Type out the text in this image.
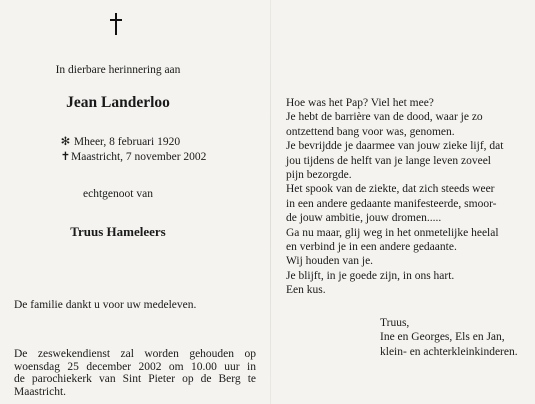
In dierbare herinnering aan
Jean Landerloo
✻ Mheer, 8 februari 1920
✝Maastricht, 7 november 2002
echtgenoot van
Truus Hameleers
De familie dankt u voor uw medeleven.
De zeswekendienst zal worden gehouden op
woensdag 25 december 2002 om 10.00 uur in
de parochiekerk van Sint Pieter op de Berg te
Maastricht.
Hoe was het Pap? Viel het mee?
Je hebt de barrière van de dood, waar je zo
ontzettend bang voor was, genomen.
Je bevrijdde je daarmee van jouw zieke lijf, dat
jou tijdens de helft van je lange leven zoveel
pijn bezorgde.
Het spook van de ziekte, dat zich steeds weer
in een andere gedaante manifesteerde, smoor-
de jouw ambitie, jouw dromen.....
Ga nu maar, glij weg in het onmetelijke heelal
en verbind je in een andere gedaante.
Wij houden van je.
Je blijft, in je goede zijn, in ons hart.
Een kus.
Truus,
Ine en Georges, Els en Jan,
klein- en achterkleinkinderen.
